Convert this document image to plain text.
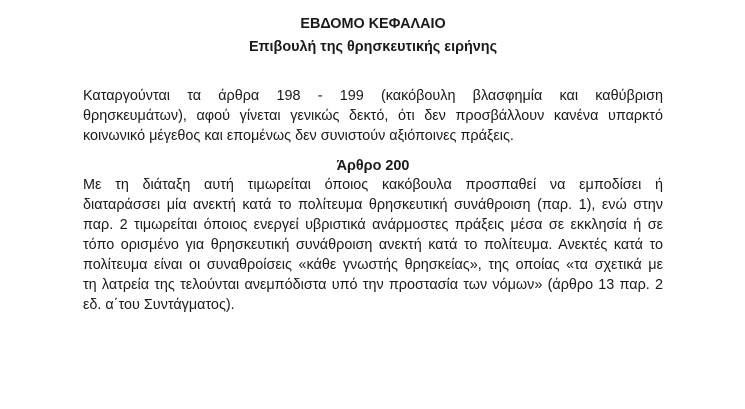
ΕΒΔΟΜΟ ΚΕΦΑΛΑΙΟ
Επιβουλή της θρησκευτικής ειρήνης
Καταργούνται τα άρθρα 198 - 199 (κακόβουλη βλασφημία και καθύβριση
θρησκευμάτων), αφού γίνεται γενικώς δεκτό, ότι δεν προσβάλλουν κανένα υπαρκτό
κοινωνικό μέγεθος και επομένως δεν συνιστούν αξιόποινες πράξεις.
Άρθρο 200
Με τη διάταξη αυτή τιμωρείται όποιος κακόβουλα προσπαθεί να εμποδίσει ή
διαταράσσει μία ανεκτή κατά το πολίτευμα θρησκευτική συνάθροιση (παρ. 1), ενώ στην
παρ. 2 τιμωρείται όποιος ενεργεί υβριστικά ανάρμοστες πράξεις μέσα σε εκκλησία ή σε
τόπο ορισμένο για θρησκευτική συνάθροιση ανεκτή κατά το πολίτευμα. Ανεκτές κατά το
πολίτευμα είναι οι συναθροίσεις «κάθε γνωστής θρησκείας», της οποίας «τα σχετικά με
τη λατρεία της τελούνται ανεμπόδιστα υπό την προστασία των νόμων» (άρθρο 13 παρ. 2
εδ. α΄του Συντάγματος).
